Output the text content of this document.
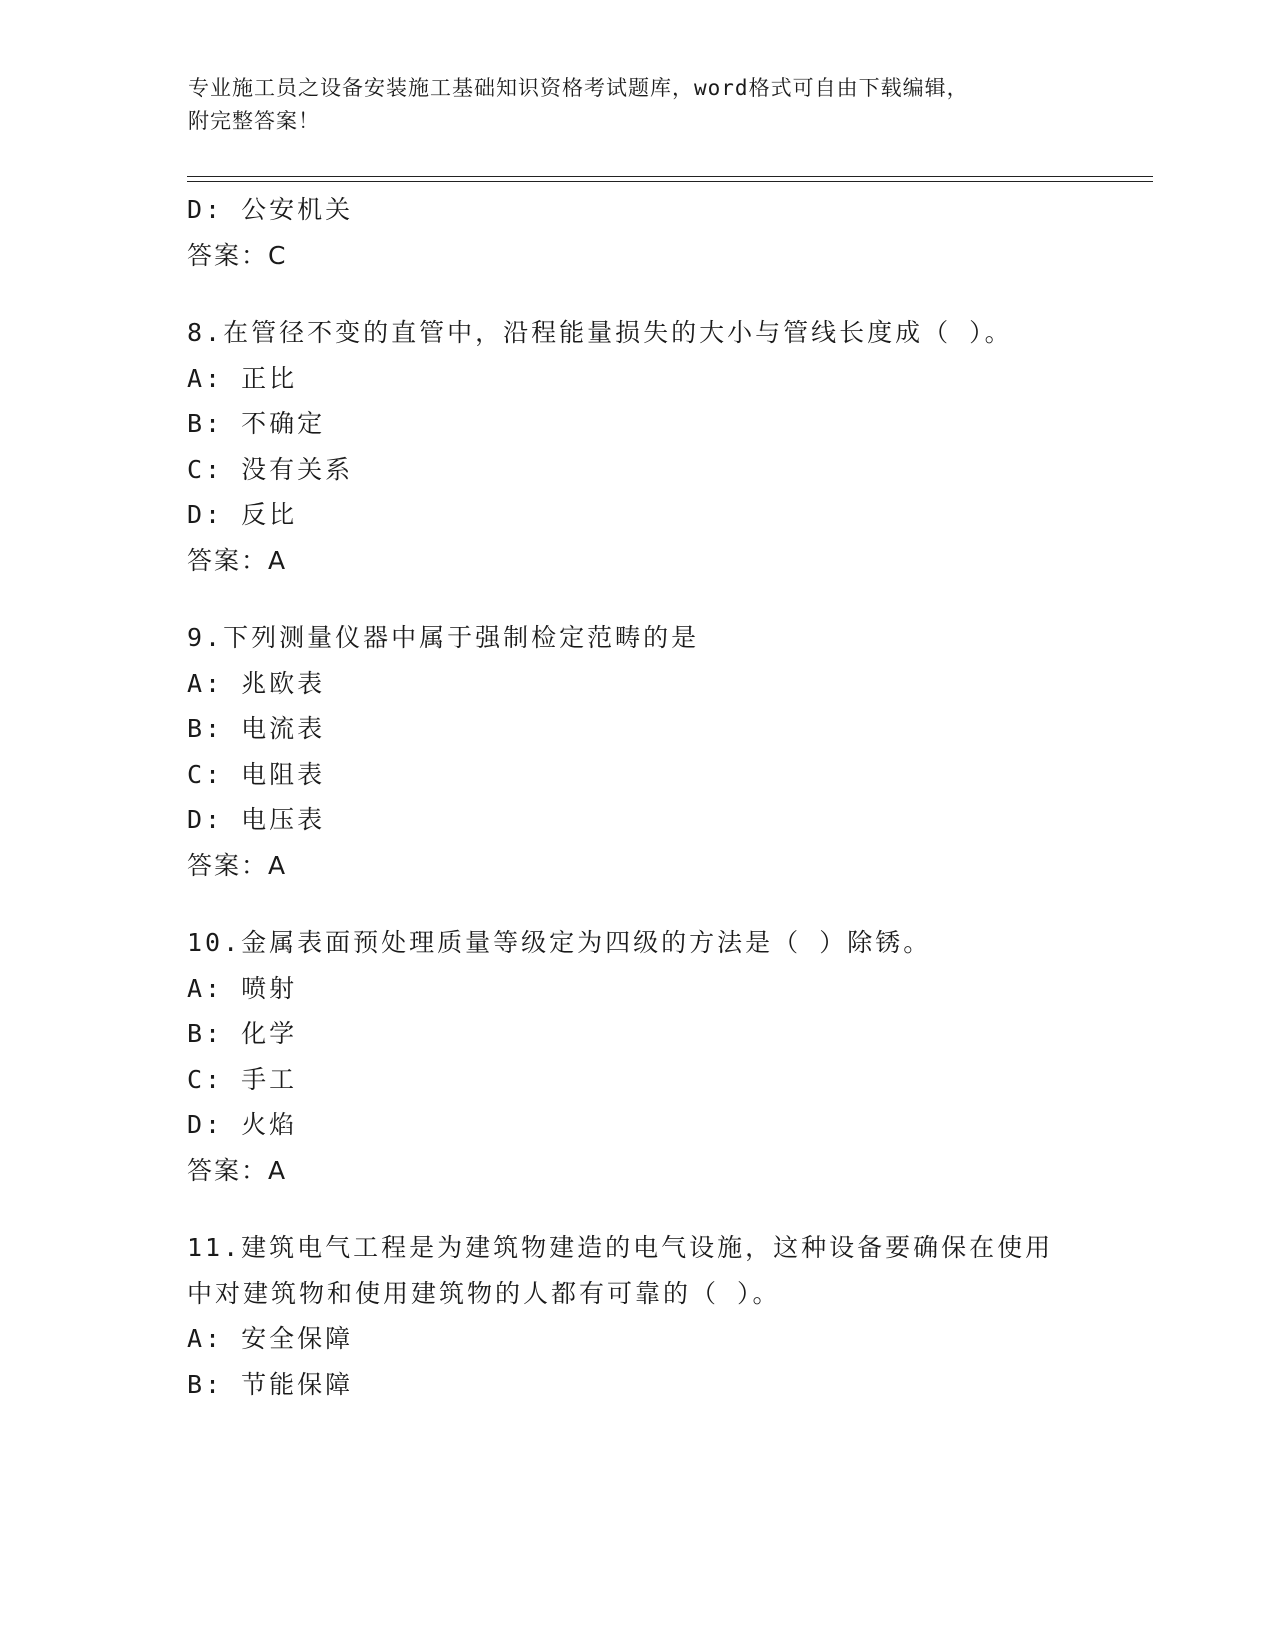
专业施工员之设备安装施工基础知识资格考试题库，word格式可自由下载编辑，
附完整答案！
D: 公安机关
答案：C
8.在管径不变的直管中，沿程能量损失的大小与管线长度成（ ）。
A: 正比
B: 不确定
C: 没有关系
D: 反比
答案：A
9.下列测量仪器中属于强制检定范畴的是
A: 兆欧表
B: 电流表
C: 电阻表
D: 电压表
答案：A
10.金属表面预处理质量等级定为四级的方法是（ ）除锈。
A: 喷射
B: 化学
C: 手工
D: 火焰
答案：A
11.建筑电气工程是为建筑物建造的电气设施，这种设备要确保在使用
中对建筑物和使用建筑物的人都有可靠的（ ）。
A: 安全保障
B: 节能保障
